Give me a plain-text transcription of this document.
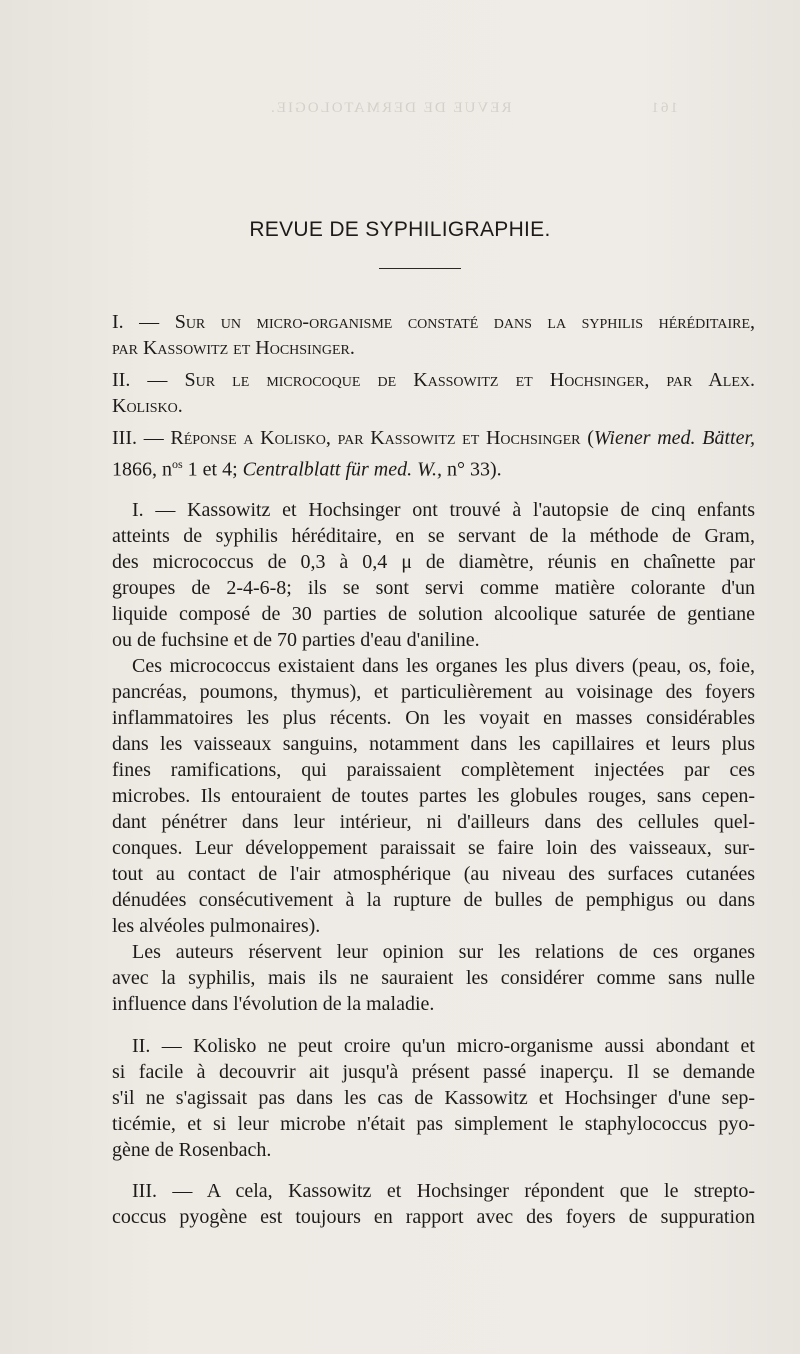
161                        REVUE DE DERMATOLOGIE.
REVUE DE SYPHILIGRAPHIE.
I. — Sur un micro-organisme constaté dans la syphilis héréditaire,
par Kassowitz et Hochsinger.
II. — Sur le microcoque de Kassowitz et Hochsinger, par Alex.
Kolisko.
III. — Réponse a Kolisko, par Kassowitz et Hochsinger (Wiener med. Bätter, 1866, $n^{os}$ 1 et 4; Centralblatt für med. W., n° 33).
I. — Kassowitz et Hochsinger ont trouvé à l'autopsie de cinq enfants
atteints de syphilis héréditaire, en se servant de la méthode de Gram,
des micrococcus de 0,3 à 0,4 μ de diamètre, réunis en chaînette par
groupes de 2-4-6-8; ils se sont servi comme matière colorante d'un
liquide composé de 30 parties de solution alcoolique saturée de gentiane
ou de fuchsine et de 70 parties d'eau d'aniline.
Ces micrococcus existaient dans les organes les plus divers (peau, os, foie,
pancréas, poumons, thymus), et particulièrement au voisinage des foyers
inflammatoires les plus récents. On les voyait en masses considérables
dans les vaisseaux sanguins, notamment dans les capillaires et leurs plus
fines ramifications, qui paraissaient complètement injectées par ces
microbes. Ils entouraient de toutes partes les globules rouges, sans cepen-
dant pénétrer dans leur intérieur, ni d'ailleurs dans des cellules quel-
conques. Leur développement paraissait se faire loin des vaisseaux, sur-
tout au contact de l'air atmosphérique (au niveau des surfaces cutanées
dénudées consécutivement à la rupture de bulles de pemphigus ou dans
les alvéoles pulmonaires).
Les auteurs réservent leur opinion sur les relations de ces organes
avec la syphilis, mais ils ne sauraient les considérer comme sans nulle
influence dans l'évolution de la maladie.
II. — Kolisko ne peut croire qu'un micro-organisme aussi abondant et
si facile à decouvrir ait jusqu'à présent passé inaperçu. Il se demande
s'il ne s'agissait pas dans les cas de Kassowitz et Hochsinger d'une sep-
ticémie, et si leur microbe n'était pas simplement le staphylococcus pyo-
gène de Rosenbach.
III. — A cela, Kassowitz et Hochsinger répondent que le strepto-
coccus pyogène est toujours en rapport avec des foyers de suppuration
